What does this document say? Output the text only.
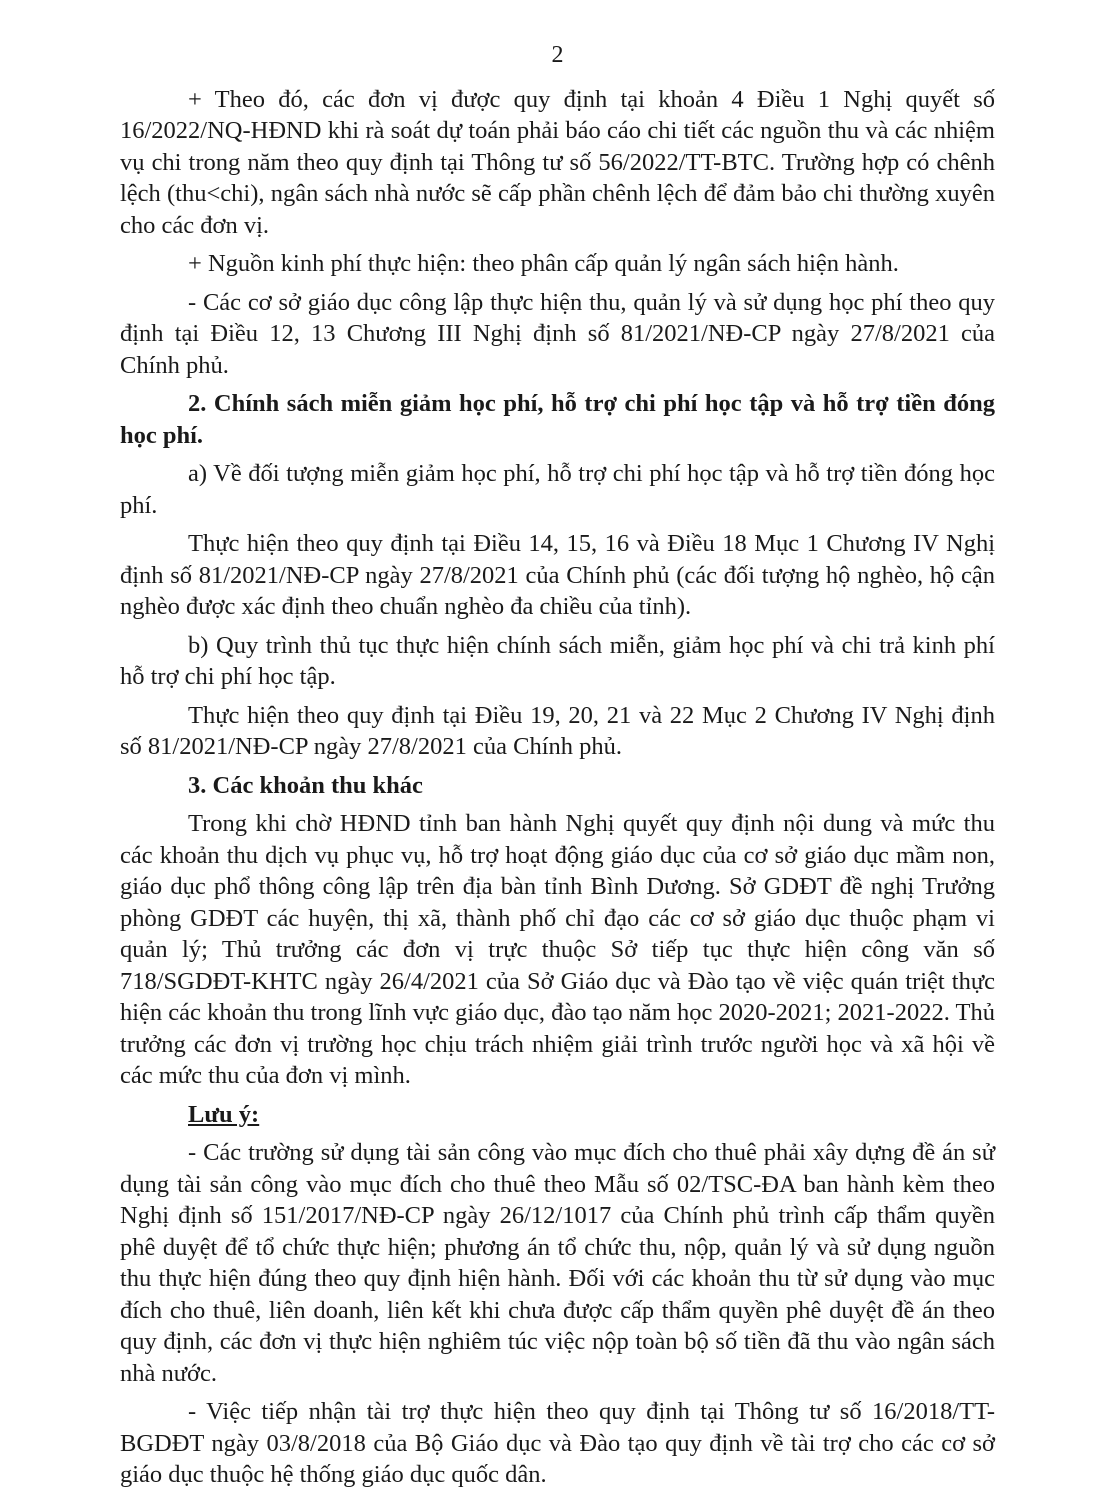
2

+ Theo đó, các đơn vị được quy định tại khoản 4 Điều 1 Nghị quyết số 16/2022/NQ-HĐND khi rà soát dự toán phải báo cáo chi tiết các nguồn thu và các nhiệm vụ chi trong năm theo quy định tại Thông tư số 56/2022/TT-BTC. Trường hợp có chênh lệch (thu<chi), ngân sách nhà nước sẽ cấp phần chênh lệch để đảm bảo chi thường xuyên cho các đơn vị.

+ Nguồn kinh phí thực hiện: theo phân cấp quản lý ngân sách hiện hành.

- Các cơ sở giáo dục công lập thực hiện thu, quản lý và sử dụng học phí theo quy định tại Điều 12, 13 Chương III Nghị định số 81/2021/NĐ-CP ngày 27/8/2021 của Chính phủ.

2. Chính sách miễn giảm học phí, hỗ trợ chi phí học tập và hỗ trợ tiền đóng học phí.

a) Về đối tượng miễn giảm học phí, hỗ trợ chi phí học tập và hỗ trợ tiền đóng học phí.

Thực hiện theo quy định tại Điều 14, 15, 16 và Điều 18 Mục 1 Chương IV Nghị định số 81/2021/NĐ-CP ngày 27/8/2021 của Chính phủ (các đối tượng hộ nghèo, hộ cận nghèo được xác định theo chuẩn nghèo đa chiều của tỉnh).

b) Quy trình thủ tục thực hiện chính sách miễn, giảm học phí và chi trả kinh phí hỗ trợ chi phí học tập.

Thực hiện theo quy định tại Điều 19, 20, 21 và 22 Mục 2 Chương IV Nghị định số 81/2021/NĐ-CP ngày 27/8/2021 của Chính phủ.

3. Các khoản thu khác

Trong khi chờ HĐND tỉnh ban hành Nghị quyết quy định nội dung và mức thu các khoản thu dịch vụ phục vụ, hỗ trợ hoạt động giáo dục của cơ sở giáo dục mầm non, giáo dục phổ thông công lập trên địa bàn tỉnh Bình Dương. Sở GDĐT đề nghị Trưởng phòng GDĐT các huyện, thị xã, thành phố chỉ đạo các cơ sở giáo dục thuộc phạm vi quản lý; Thủ trưởng các đơn vị trực thuộc Sở tiếp tục thực hiện công văn số 718/SGDĐT-KHTC ngày 26/4/2021 của Sở Giáo dục và Đào tạo về việc quán triệt thực hiện các khoản thu trong lĩnh vực giáo dục, đào tạo năm học 2020-2021; 2021-2022. Thủ trưởng các đơn vị trường học chịu trách nhiệm giải trình trước người học và xã hội về các mức thu của đơn vị mình.

Lưu ý:

- Các trường sử dụng tài sản công vào mục đích cho thuê phải xây dựng đề án sử dụng tài sản công vào mục đích cho thuê theo Mẫu số 02/TSC-ĐA ban hành kèm theo Nghị định số 151/2017/NĐ-CP ngày 26/12/1017 của Chính phủ trình cấp thẩm quyền phê duyệt để tổ chức thực hiện; phương án tổ chức thu, nộp, quản lý và sử dụng nguồn thu thực hiện đúng theo quy định hiện hành. Đối với các khoản thu từ sử dụng vào mục đích cho thuê, liên doanh, liên kết khi chưa được cấp thẩm quyền phê duyệt đề án theo quy định, các đơn vị thực hiện nghiêm túc việc nộp toàn bộ số tiền đã thu vào ngân sách nhà nước.

- Việc tiếp nhận tài trợ thực hiện theo quy định tại Thông tư số 16/2018/TT-BGDĐT ngày 03/8/2018 của Bộ Giáo dục và Đào tạo quy định về tài trợ cho các cơ sở giáo dục thuộc hệ thống giáo dục quốc dân.
